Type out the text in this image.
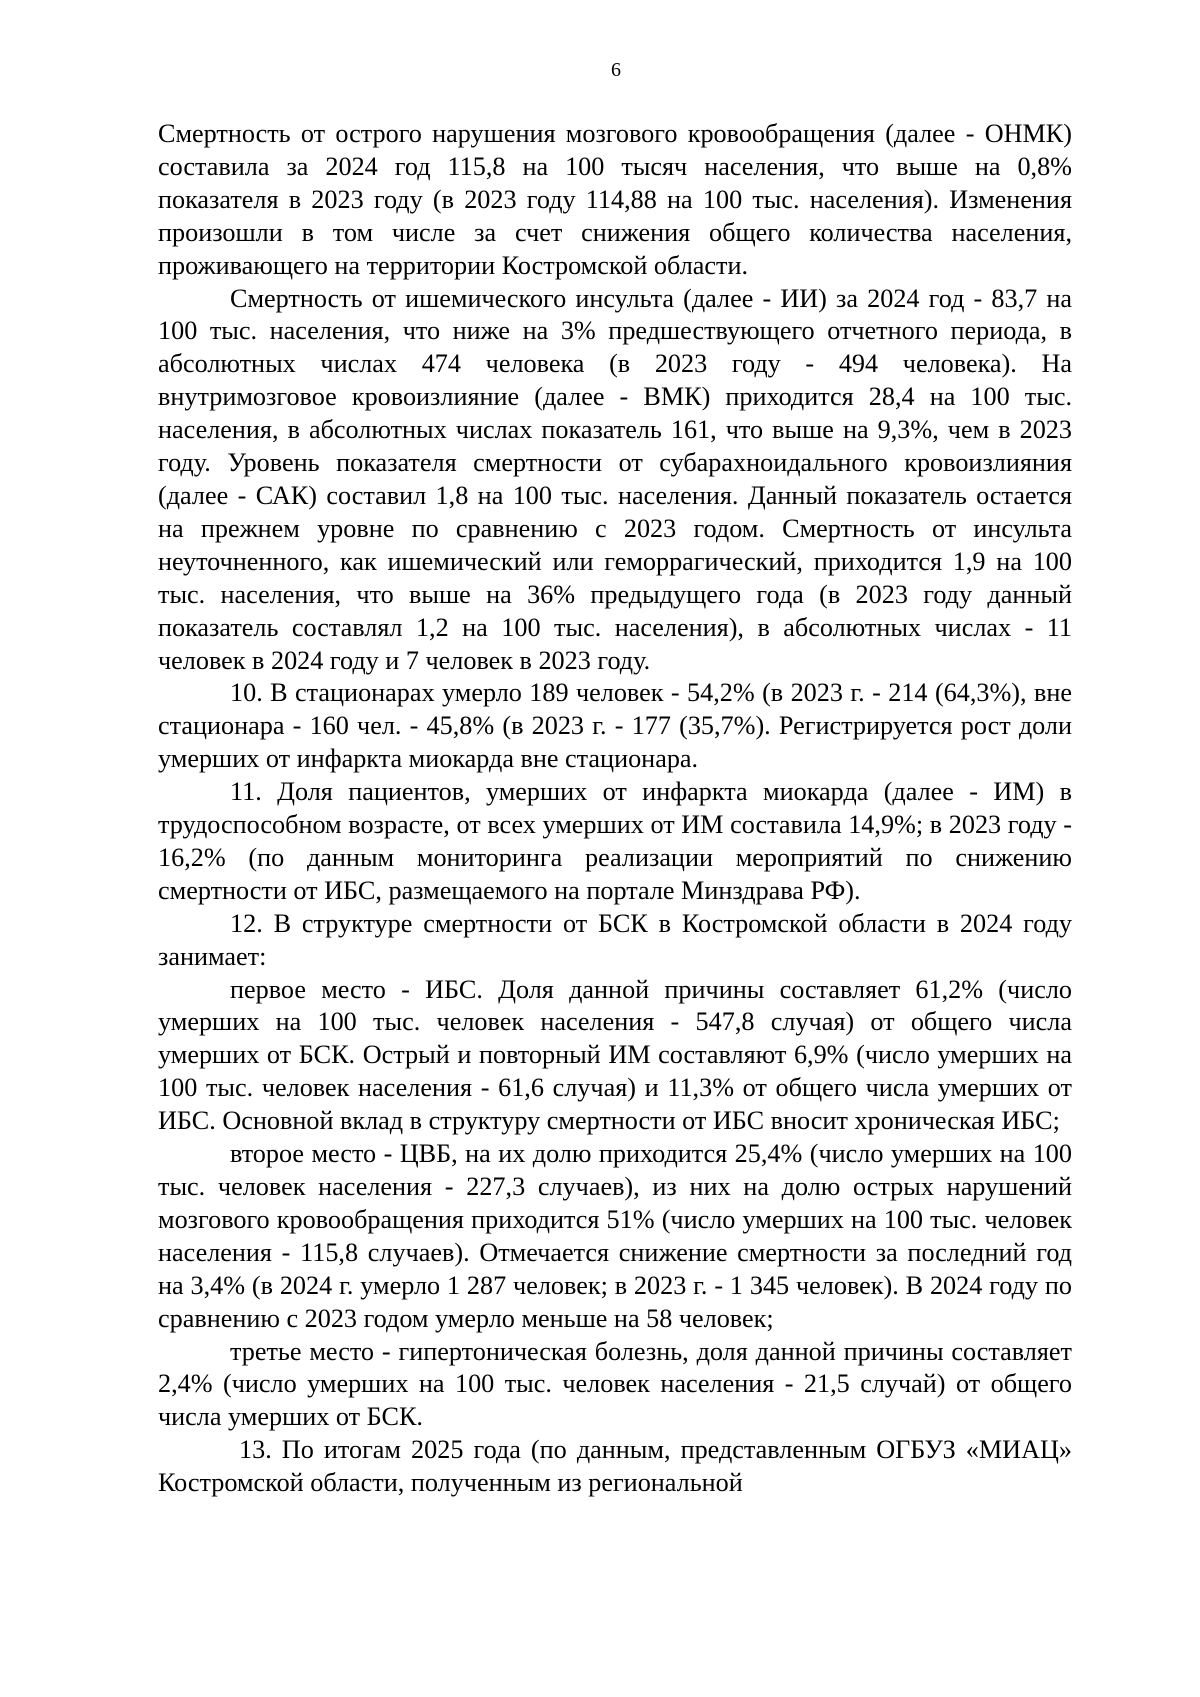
6

Смертность от острого нарушения мозгового кровообращения (далее - ОНМК) составила за 2024 год 115,8 на 100 тысяч населения, что выше на 0,8% показателя в 2023 году (в 2023 году 114,88 на 100 тыс. населения). Изменения произошли в том числе за счет снижения общего количества населения, проживающего на территории Костромской области.

Смертность от ишемического инсульта (далее - ИИ) за 2024 год - 83,7 на 100 тыс. населения, что ниже на 3% предшествующего отчетного периода, в абсолютных числах 474 человека (в 2023 году - 494 человека). На внутримозговое кровоизлияние (далее - ВМК) приходится 28,4 на 100 тыс. населения, в абсолютных числах показатель 161, что выше на 9,3%, чем в 2023 году. Уровень показателя смертности от субарахноидального кровоизлияния (далее - САК) составил 1,8 на 100 тыс. населения. Данный показатель остается на прежнем уровне по сравнению с 2023 годом. Смертность от инсульта неуточненного, как ишемический или геморрагический, приходится 1,9 на 100 тыс. населения, что выше на 36% предыдущего года (в 2023 году данный показатель составлял 1,2 на 100 тыс. населения), в абсолютных числах - 11 человек в 2024 году и 7 человек в 2023 году.

10. В стационарах умерло 189 человек - 54,2% (в 2023 г. - 214 (64,3%), вне стационара - 160 чел. - 45,8% (в 2023 г. - 177 (35,7%). Регистрируется рост доли умерших от инфаркта миокарда вне стационара.

11. Доля пациентов, умерших от инфаркта миокарда (далее - ИМ) в трудоспособном возрасте, от всех умерших от ИМ составила 14,9%; в 2023 году - 16,2% (по данным мониторинга реализации мероприятий по снижению смертности от ИБС, размещаемого на портале Минздрава РФ).

12. В структуре смертности от БСК в Костромской области в 2024 году занимает:

первое место - ИБС. Доля данной причины составляет 61,2% (число умерших на 100 тыс. человек населения - 547,8 случая) от общего числа умерших от БСК. Острый и повторный ИМ составляют 6,9% (число умерших на 100 тыс. человек населения - 61,6 случая) и 11,3% от общего числа умерших от ИБС. Основной вклад в структуру смертности от ИБС вносит хроническая ИБС;

второе место - ЦВБ, на их долю приходится 25,4% (число умерших на 100 тыс. человек населения - 227,3 случаев), из них на долю острых нарушений мозгового кровообращения приходится 51% (число умерших на 100 тыс. человек населения - 115,8 случаев). Отмечается снижение смертности за последний год на 3,4% (в 2024 г. умерло 1 287 человек; в 2023 г. - 1 345 человек). В 2024 году по сравнению с 2023 годом умерло меньше на 58 человек;

третье место - гипертоническая болезнь, доля данной причины составляет 2,4% (число умерших на 100 тыс. человек населения - 21,5 случай) от общего числа умерших от БСК.

13. По итогам 2025 года (по данным, представленным ОГБУЗ «МИАЦ» Костромской области, полученным из региональной
